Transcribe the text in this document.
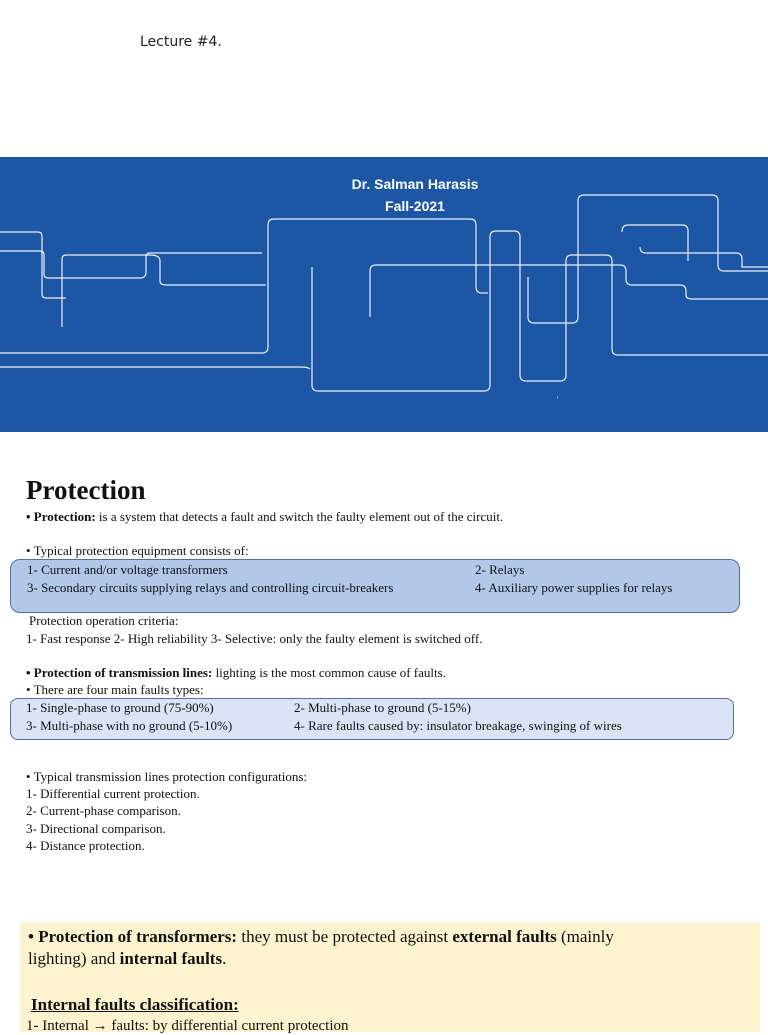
Lecture #4.
Dr. Salman Harasis
Fall-2021
'
Protection
• Protection: is a system that detects a fault and switch the faulty element out of the circuit.
• Typical protection equipment consists of:
1- Current and/or voltage transformers	2- Relays
3- Secondary circuits supplying relays and controlling circuit-breakers	4- Auxiliary power supplies for relays
Protection operation criteria:
1- Fast response 2- High reliability 3- Selective: only the faulty element is switched off.
• Protection of transmission lines: lighting is the most common cause of faults.
• There are four main faults types:
1- Single-phase to ground (75-90%)	2- Multi-phase to ground (5-15%)
3- Multi-phase with no ground (5-10%)	4- Rare faults caused by: insulator breakage, swinging of wires
• Typical transmission lines protection configurations:
1- Differential current protection.
2- Current-phase comparison.
3- Directional comparison.
4- Distance protection.
• Protection of transformers: they must be protected against external faults (mainly
lighting) and internal faults.
Internal faults classification:
1- Internal → faults: by differential current protection
